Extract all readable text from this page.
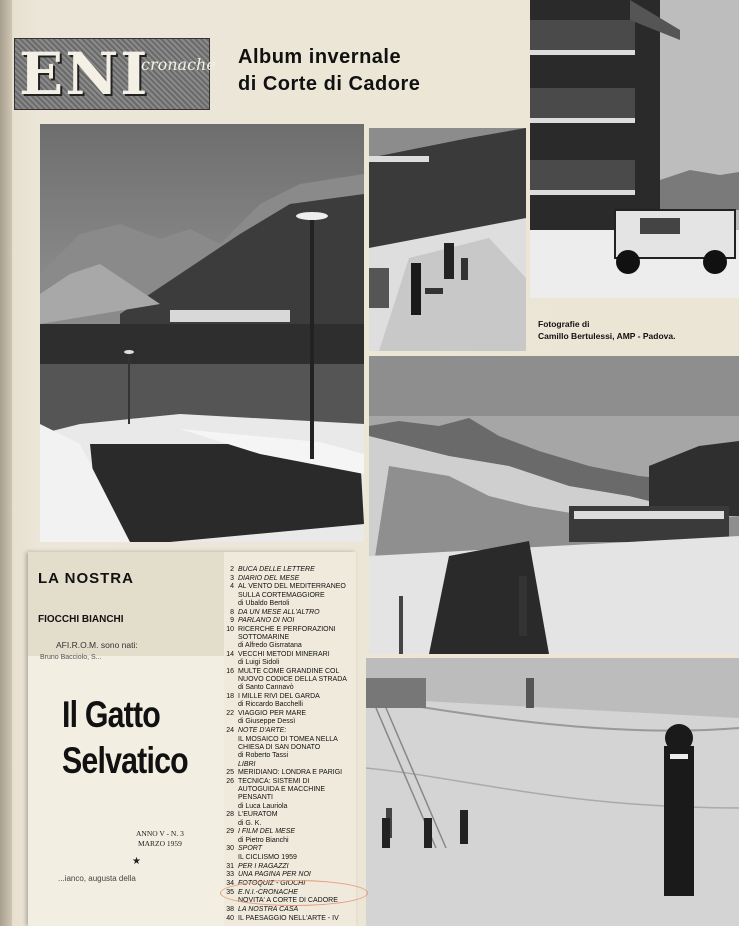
ENI
cronache Album invernale
di Corte di Cadore
Fotografie di
Camillo Bertulessi, AMP - Padova.
LA NOSTRA
FIOCCHI BIANCHI
AFI.R.O.M. sono nati:
Bruno Bacciolo, S...
Il Gatto
Selvatico
ANNO V - N. 3
MARZO 1959
★
...ianco, augusta della
2 BUCA DELLE LETTERE
3 DIARIO DEL MESE
4 AL VENTO DEL MEDITERRANEO SULLA CORTEMAGGIORE
di Ubaldo Bertoli
8 DA UN MESE ALL'ALTRO
9 PARLANO DI NOI
10 RICERCHE E PERFORAZIONI SOTTOMARINE
di Alfredo Gisrratana
14 VECCHI METODI MINERARI
di Luigi Sidoli
16 MULTE COME GRANDINE COL NUOVO CODICE DELLA STRADA
di Santo Cannavò
18 I MILLE RIVI DEL GARDA
di Riccardo Bacchelli
22 VIAGGIO PER MARE
di Giuseppe Dessì
24 NOTE D'ARTE:
IL MOSAICO DI TOMEA NELLA CHIESA DI SAN DONATO
di Roberto Tassi
LIBRI
25 MERIDIANO: LONDRA E PARIGI
26 TECNICA: SISTEMI DI AUTOGUIDA E MACCHINE PENSANTI
di Luca Lauriola
28 L'EURATOM
di G. K.
29 I FILM DEL MESE
di Pietro Bianchi
30 SPORT
IL CICLISMO 1959
31 PER I RAGAZZI
33 UNA PAGINA PER NOI
34 FOTOQUIZ - GIOCHI
35 E.N.I.-CRONACHE
NOVITA' A CORTE DI CADORE
38 LA NOSTRA CASA
40 IL PAESAGGIO NELL'ARTE - IV
